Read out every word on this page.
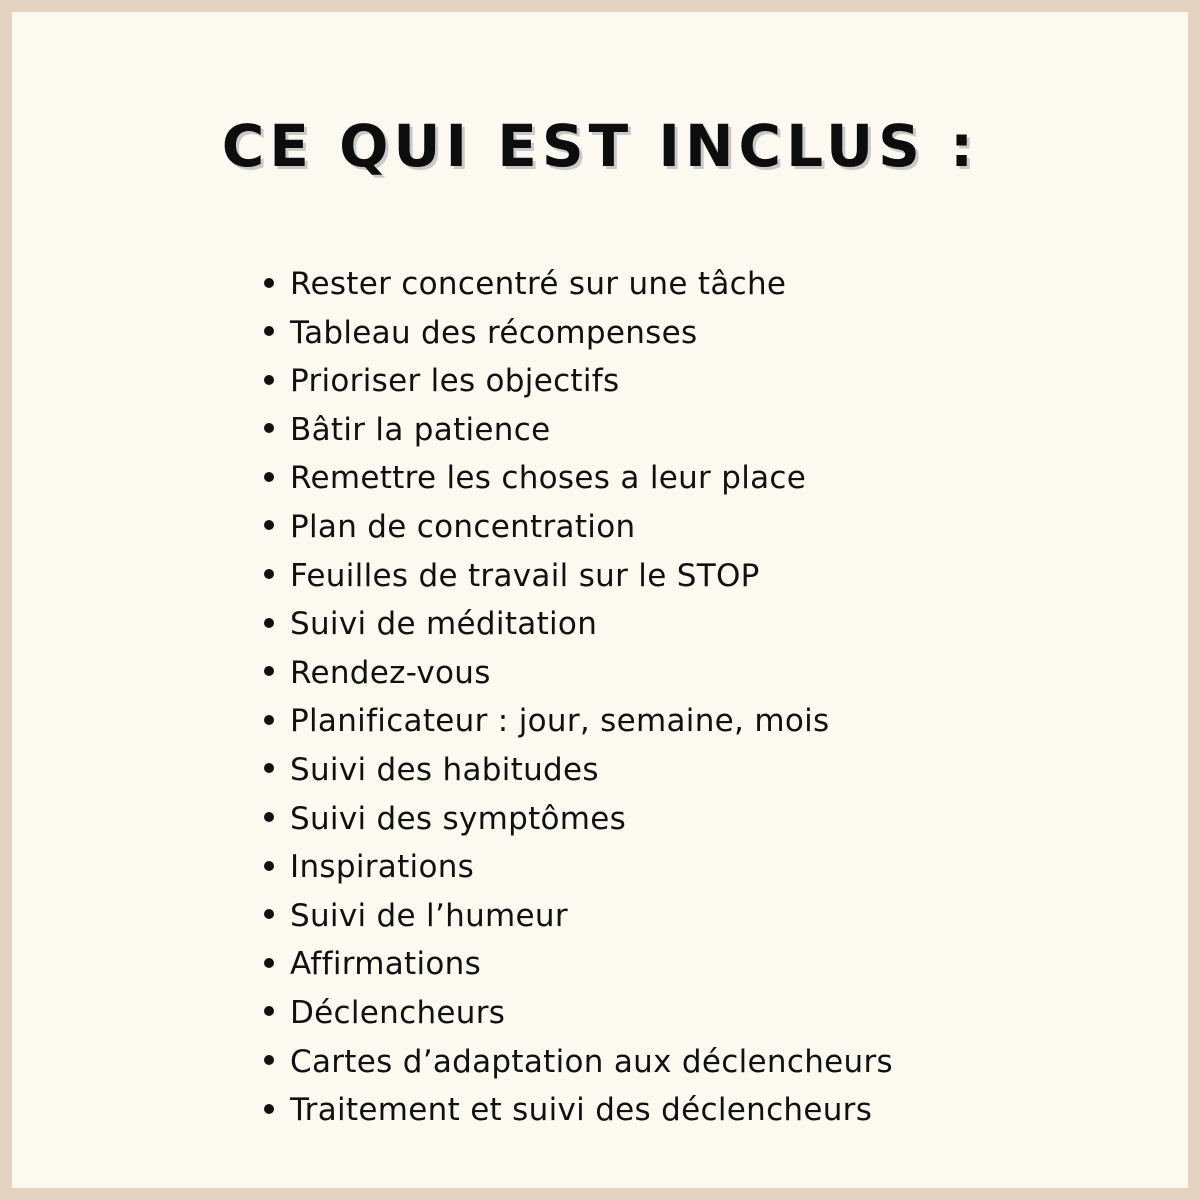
CE QUI EST INCLUS :
Rester concentré sur une tâche
Tableau des récompenses
Prioriser les objectifs
Bâtir la patience
Remettre les choses a leur place
Plan de concentration
Feuilles de travail sur le STOP
Suivi de méditation
Rendez-vous
Planificateur : jour, semaine, mois
Suivi des habitudes
Suivi des symptômes
Inspirations
Suivi de l’humeur
Affirmations
Déclencheurs
Cartes d’adaptation aux déclencheurs
Traitement et suivi des déclencheurs
